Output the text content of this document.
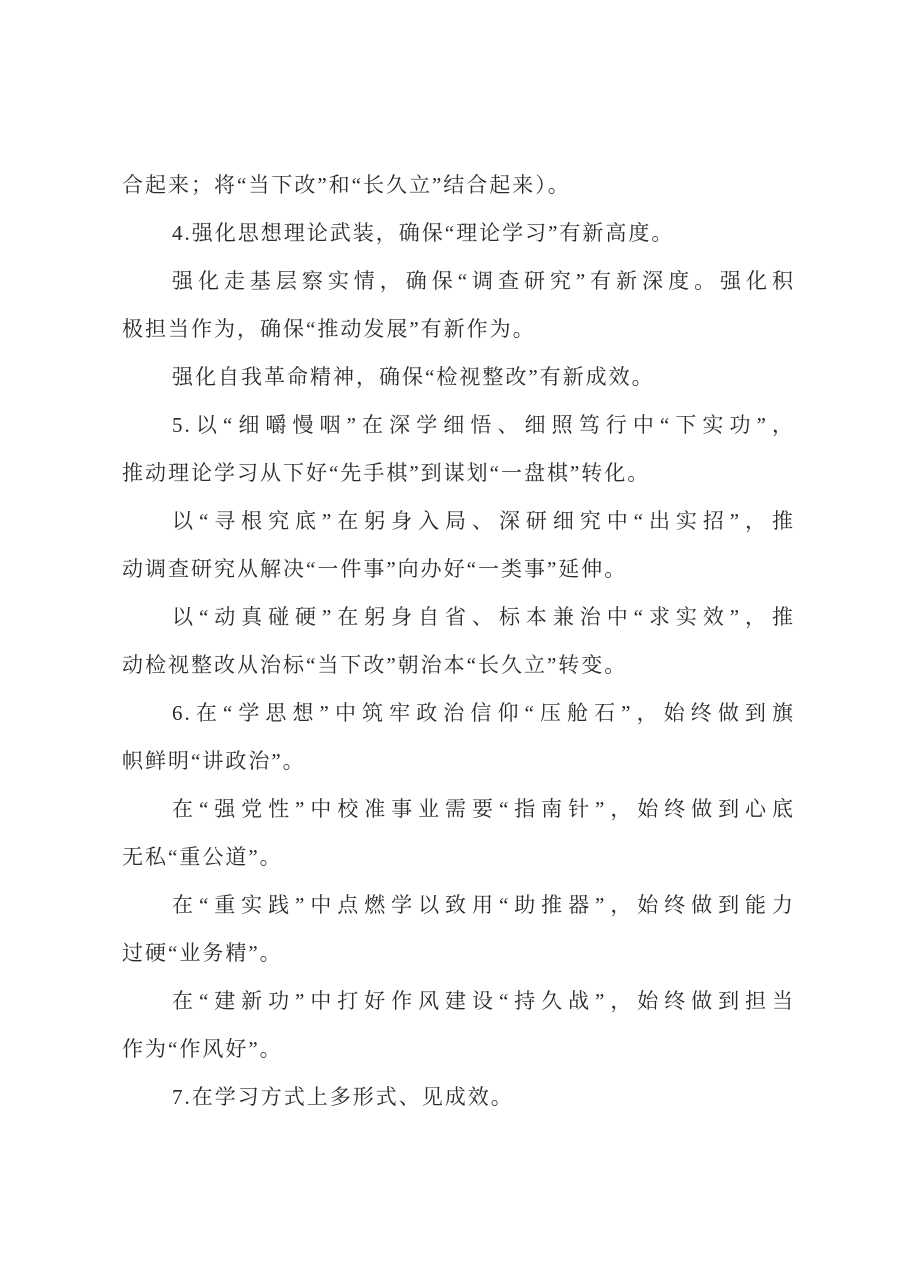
合起来；将“当下改”和“长久立”结合起来）。
4.强化思想理论武装，确保“理论学习”有新高度。
强化走基层察实情，确保“调查研究”有新深度。强化积
极担当作为，确保“推动发展”有新作为。
强化自我革命精神，确保“检视整改”有新成效。
5.以“细嚼慢咽”在深学细悟、细照笃行中“下实功”，
推动理论学习从下好“先手棋”到谋划“一盘棋”转化。
以“寻根究底”在躬身入局、深研细究中“出实招”，推
动调查研究从解决“一件事”向办好“一类事”延伸。
以“动真碰硬”在躬身自省、标本兼治中“求实效”，推
动检视整改从治标“当下改”朝治本“长久立”转变。
6.在“学思想”中筑牢政治信仰“压舱石”，始终做到旗
帜鲜明“讲政治”。
在“强党性”中校准事业需要“指南针”，始终做到心底
无私“重公道”。
在“重实践”中点燃学以致用“助推器”，始终做到能力
过硬“业务精”。
在“建新功”中打好作风建设“持久战”，始终做到担当
作为“作风好”。
7.在学习方式上多形式、见成效。
